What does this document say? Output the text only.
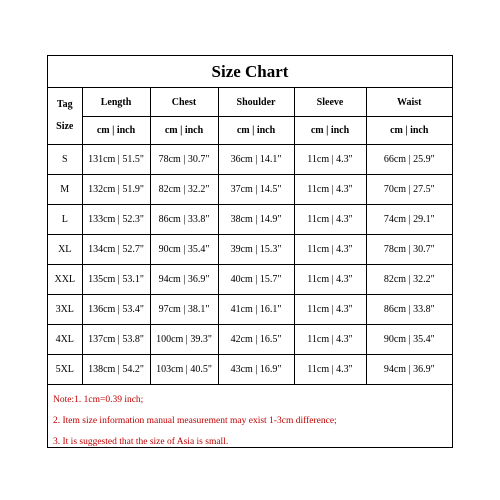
Size Chart
Tag
Size	Length	Chest	Shoulder	Sleeve	Waist
	cm | inch	cm | inch	cm | inch	cm | inch	cm | inch
S	131cm | 51.5"	78cm | 30.7"	36cm | 14.1"	11cm | 4.3"	66cm | 25.9"
M	132cm | 51.9"	82cm | 32.2"	37cm | 14.5"	11cm | 4.3"	70cm | 27.5"
L	133cm | 52.3"	86cm | 33.8"	38cm | 14.9"	11cm | 4.3"	74cm | 29.1"
XL	134cm | 52.7"	90cm | 35.4"	39cm | 15.3"	11cm | 4.3"	78cm | 30.7"
XXL	135cm | 53.1"	94cm | 36.9"	40cm | 15.7"	11cm | 4.3"	82cm | 32.2"
3XL	136cm | 53.4"	97cm | 38.1"	41cm | 16.1"	11cm | 4.3"	86cm | 33.8"
4XL	137cm | 53.8"	100cm | 39.3"	42cm | 16.5"	11cm | 4.3"	90cm | 35.4"
5XL	138cm | 54.2"	103cm | 40.5"	43cm | 16.9"	11cm | 4.3"	94cm | 36.9"
Note:1. 1cm=0.39 inch;
2. Item size information manual measurement may exist 1-3cm difference;
3. It is suggested that the size of Asia is small.
